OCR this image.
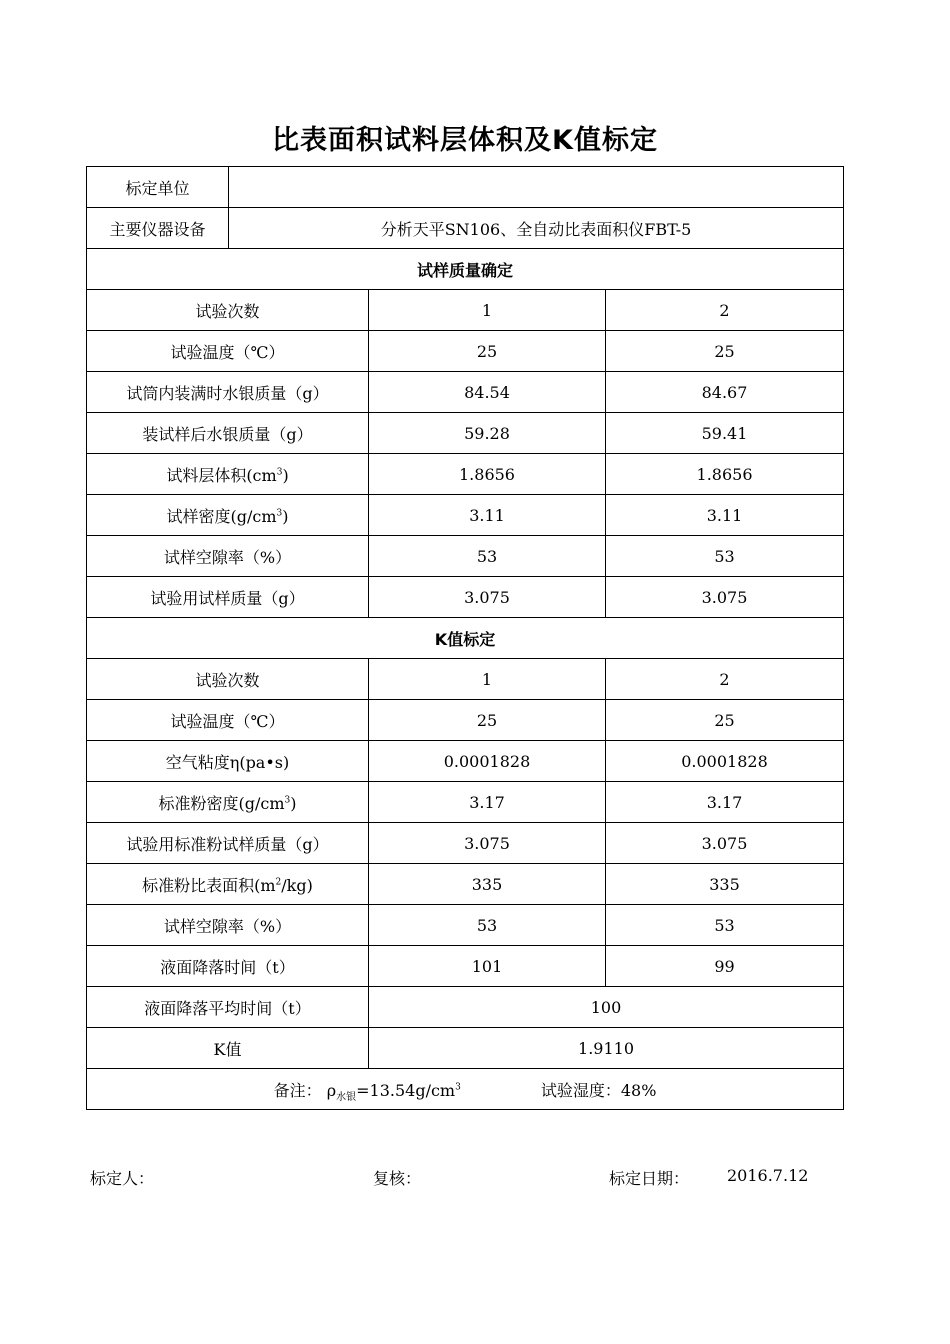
比表面积试料层体积及K值标定
标定单位			
主要仪器设备	分析天平SN106、全自动比表面积仪FBT-5		
试样质量确定			
试验次数		1	2
试验温度（℃）		25	25
试筒内装满时水银质量（g）		84.54	84.67
装试样后水银质量（g）		59.28	59.41
试料层体积$(cm^3)$		1.8656	1.8656
试样密度$(g/cm^3)$		3.11	3.11
试样空隙率（%）		53	53
试验用试样质量（g）		3.075	3.075
K值标定			
试验次数		1	2
试验温度（℃）		25	25
空气粘度η(pa•s)		0.0001828	0.0001828
标准粉密度$(g/cm^3)$		3.17	3.17
试验用标准粉试样质量（g）		3.075	3.075
标准粉比表面积$(m^2/kg)$		335	335
试样空隙率（%）		53	53
液面降落时间（t）		101	99
液面降落平均时间（t）		100	
K值		1.9110	
备注： $\rho_{水银}=13.54g/cm^3$ 试验湿度：48%			
标定人：	复核：	标定日期： 2016.7.12
